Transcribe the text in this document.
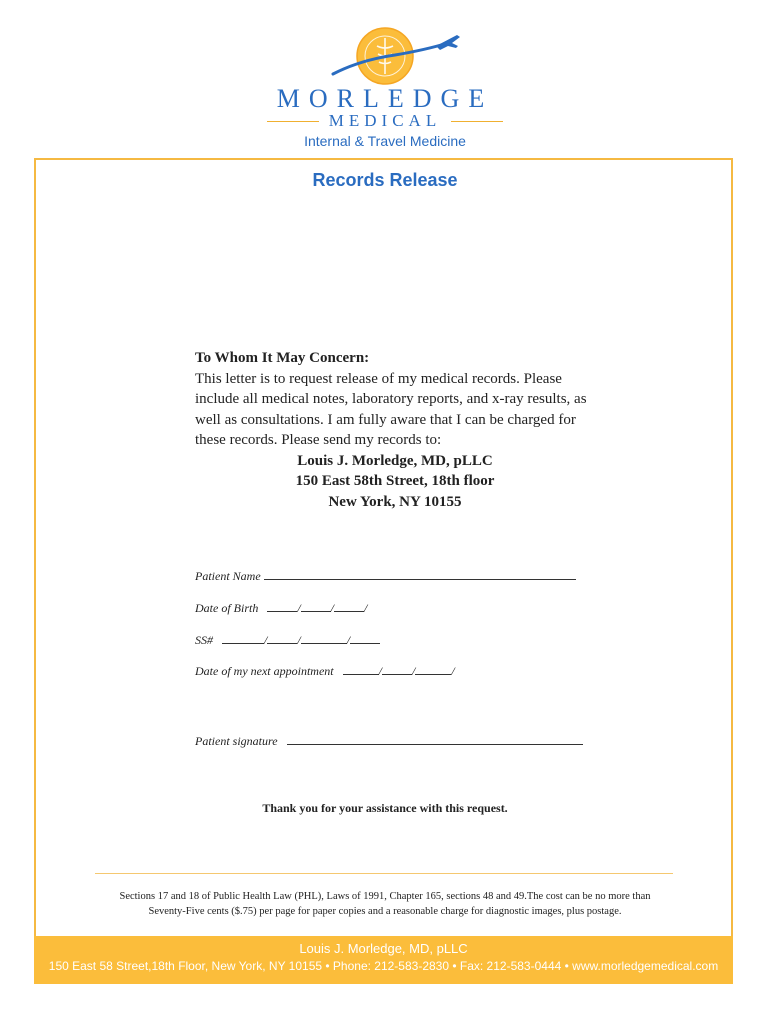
MORLEDGE
MEDICAL
Internal & Travel Medicine
Records Release
To Whom It May Concern:
This letter is to request release of my medical records. Please include all medical notes, laboratory reports, and x-ray results, as well as consultations. I am fully aware that I can be charged for these records. Please send my records to:
Louis J. Morledge, MD, pLLC
150 East 58th Street, 18th floor
New York, NY 10155
Patient Name
Date of Birth	/	/	/
SS#	/	/	/
Date of my next appointment	/	/	/
Patient signature
Thank you for your assistance with this request.
Sections 17 and 18 of Public Health Law (PHL), Laws of 1991, Chapter 165, sections 48 and 49.The cost can be no more than
Seventy-Five cents ($.75) per page for paper copies and a reasonable charge for diagnostic images, plus postage.
Louis J. Morledge, MD, pLLC
150 East 58 Street,18th Floor, New York, NY 10155 • Phone: 212-583-2830 • Fax: 212-583-0444 • www.morledgemedical.com
